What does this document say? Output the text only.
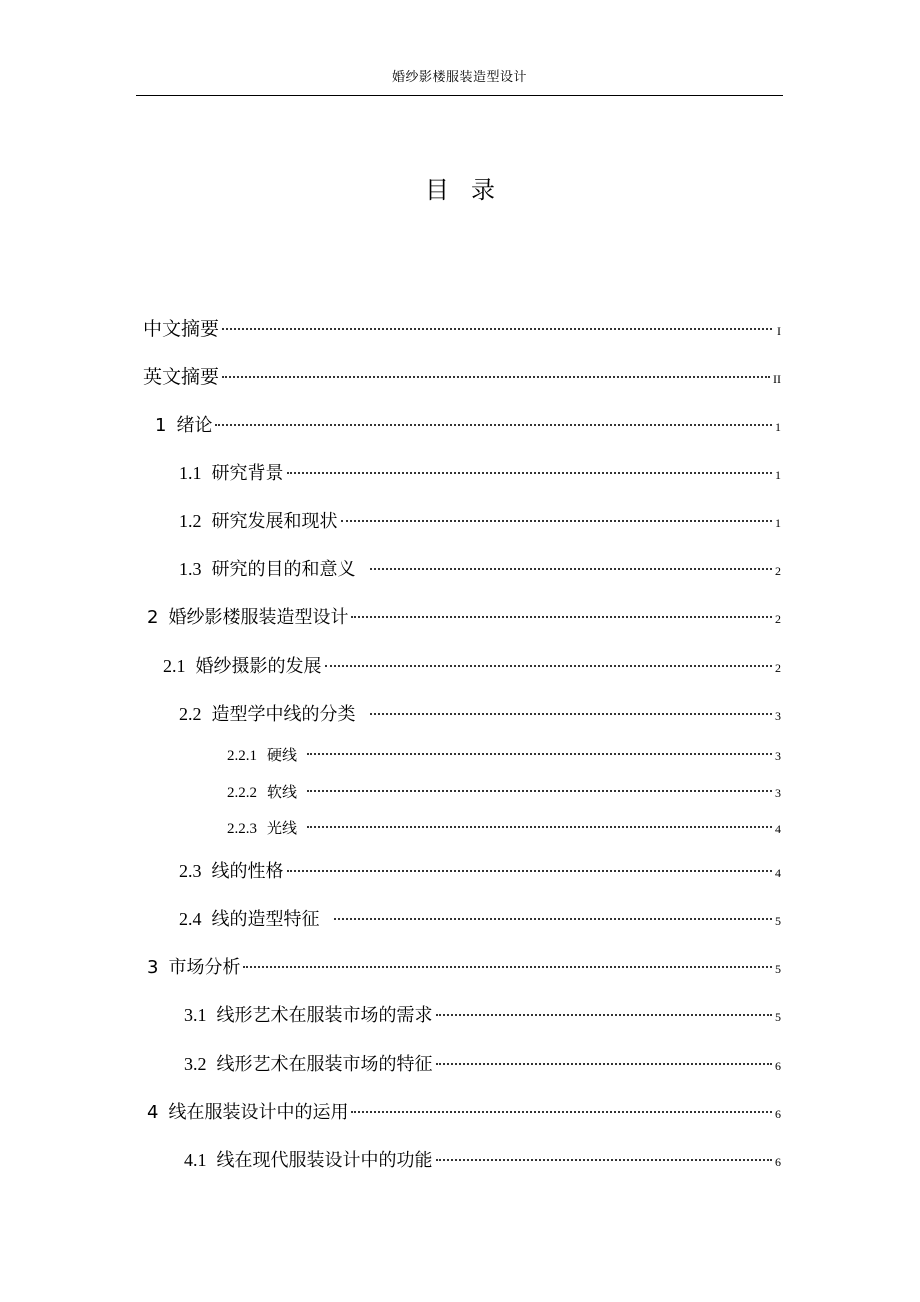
婚纱影楼服装造型设计
目录
中文摘要	I
英文摘要	II
1 绪论	1
1.1 研究背景	1
1.2 研究发展和现状	1
1.3 研究的目的和意义	2
2 婚纱影楼服装造型设计	2
2.1 婚纱摄影的发展	2
2.2 造型学中线的分类	3
2.2.1 硬线	3
2.2.2 软线	3
2.2.3 光线	4
2.3 线的性格	4
2.4 线的造型特征	5
3 市场分析	5
3.1 线形艺术在服装市场的需求	5
3.2 线形艺术在服装市场的特征	6
4 线在服装设计中的运用	6
4.1 线在现代服装设计中的功能	6
